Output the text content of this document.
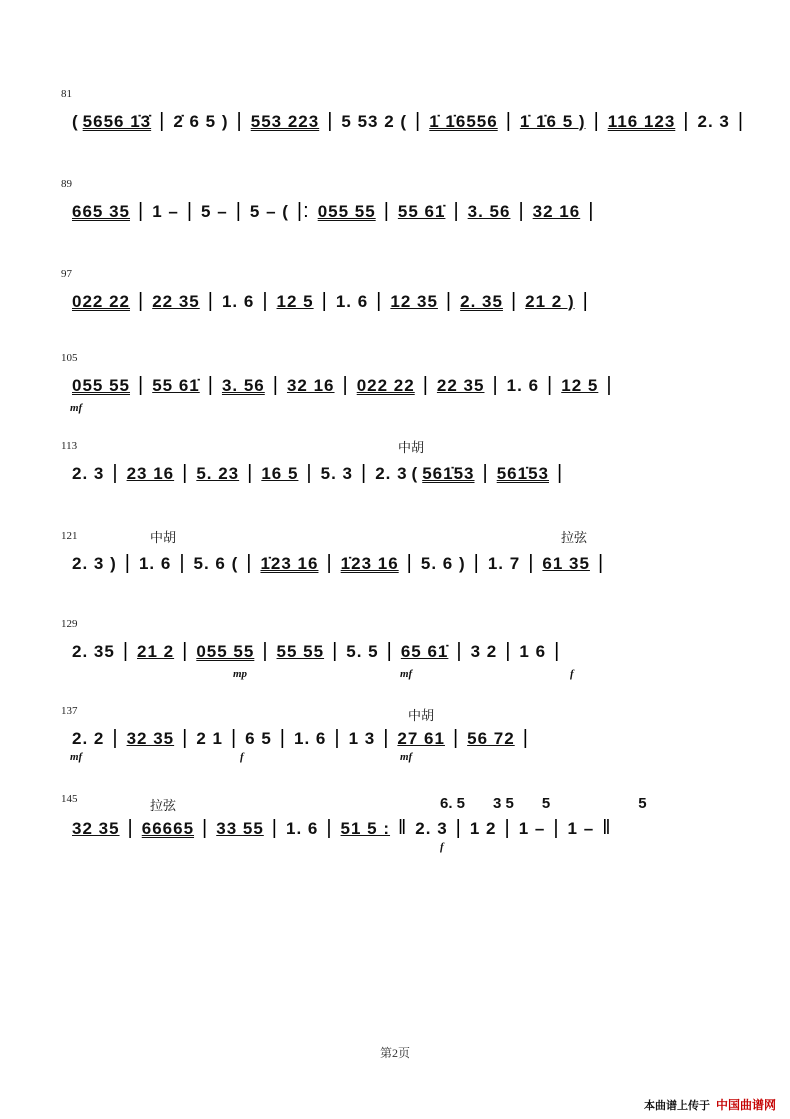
81
( 5656 1̇3̇ | 2̇ 6 5 ) | 553 223 | 5 53 2 ( | 1̇ 1̇6556 | 1̇ 1̇6 5 ) | 116 123 | 2. 3 |
89
665 35 | 1 – | 5 – | 5 – ( |: 055 55 | 55 61̇ | 3. 56 | 32 16 |
97
022 22 | 22 35 | 1. 6 | 12 5 | 1. 6 | 12 35 | 2. 35 | 21 2 ) |
105
055 55 | 55 61̇ | 3. 56 | 32 16 | 022 22 | 22 35 | 1. 6 | 12 5 |
mf
113	中胡
2. 3 | 23 16 | 5. 23 | 16 5 | 5. 3 | 2. 3 ( 561̇53 | 561̇53 |
121	中胡	拉弦
2. 3 ) | 1. 6 | 5. 6 ( | 1̇23 16 | 1̇23 16 | 5. 6 ) | 1. 7 | 61 35 |
129
2. 35 | 21 2 | 055 55 | 55 55 | 5. 5 | 65 61̇ | 3 2 | 1 6 |
mp	mf	f
137	中胡
2. 2 | 32 35 | 2 1 | 6 5 | 1. 6 | 1 3 | 27 61 | 56 72 |
mf	f	mf
145	拉弦	6. 5 3 5 5	5
32 35 | 66665 | 33 55 | 1. 6 | 51 5 : ‖ 2. 3 | 1 2 | 1 – | 1 – ‖
f
第2页
本曲谱上传于 中国曲谱网
